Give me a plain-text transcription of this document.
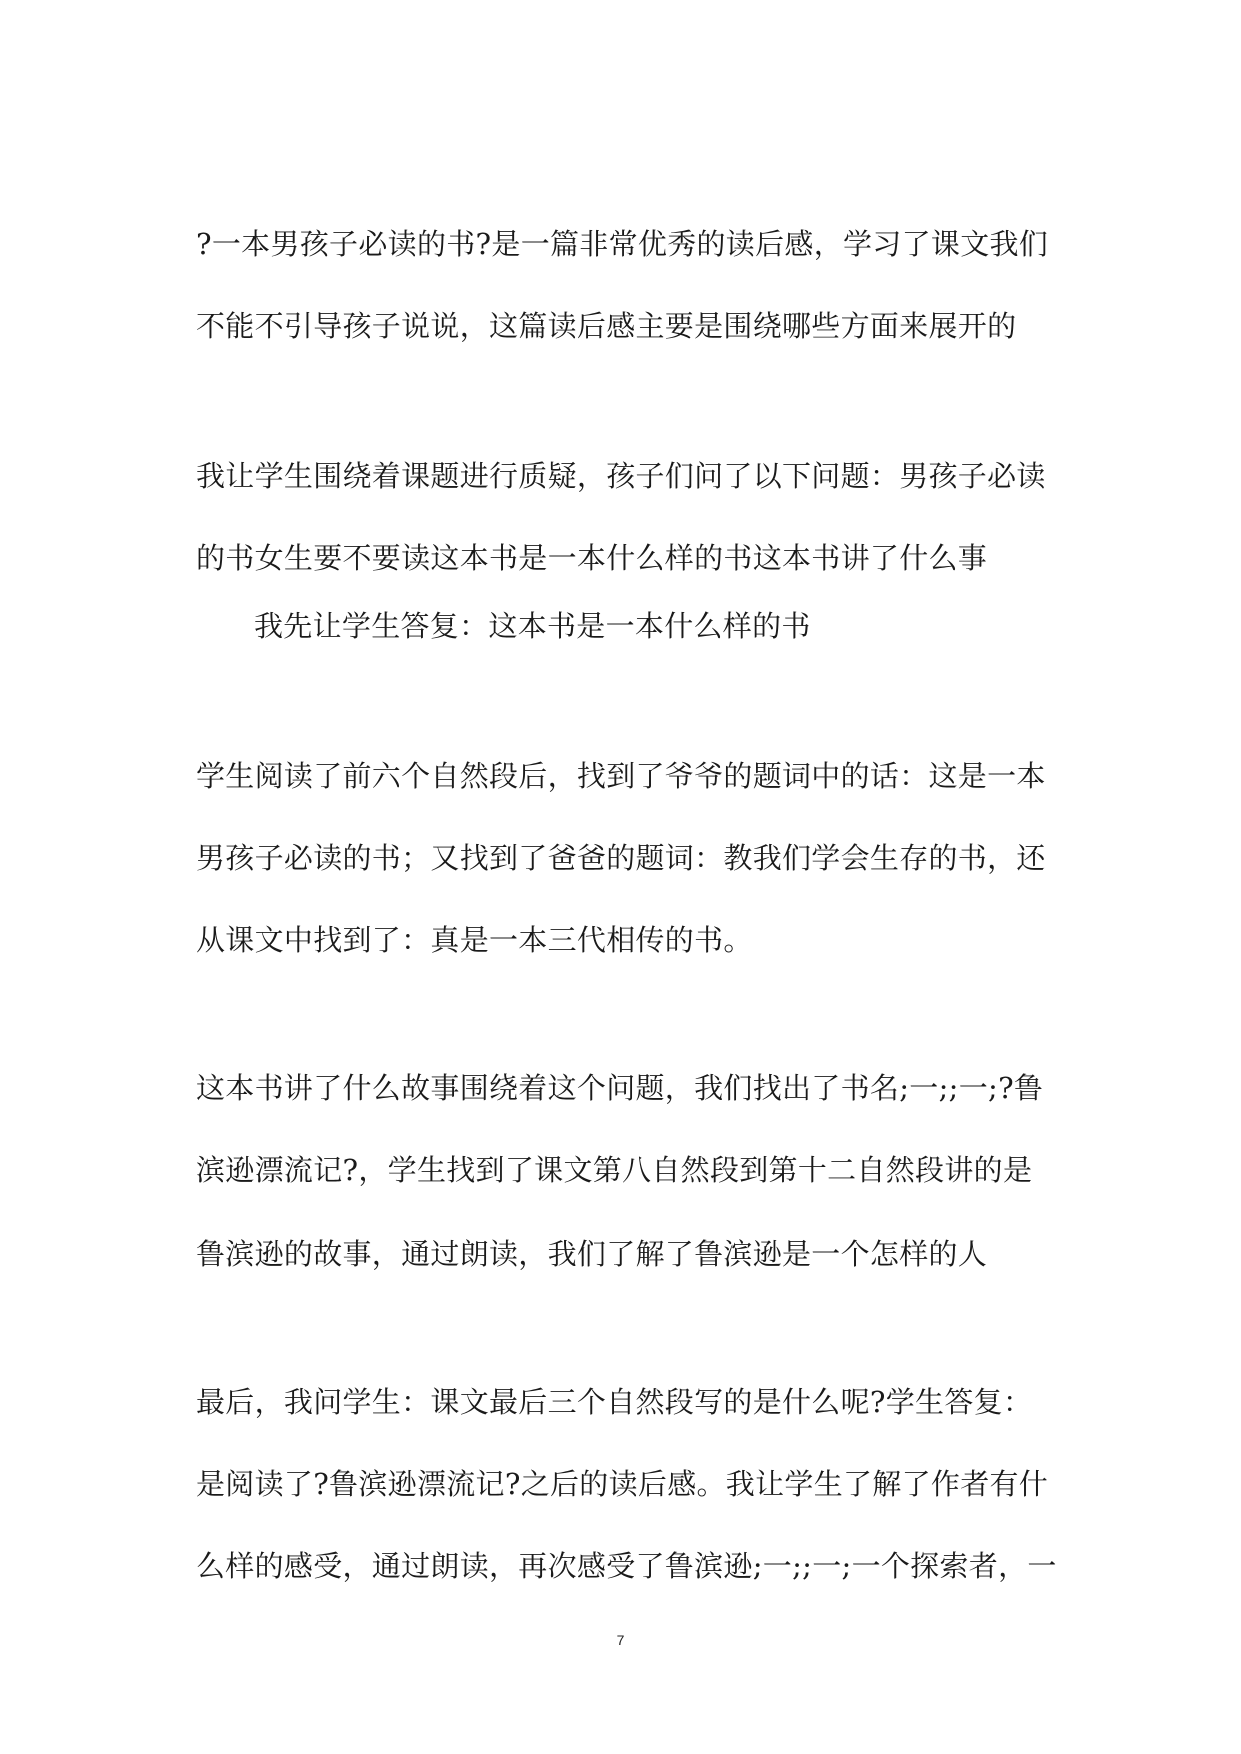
?一本男孩子必读的书?是一篇非常优秀的读后感，学习了课文我们
不能不引导孩子说说，这篇读后感主要是围绕哪些方面来展开的
我让学生围绕着课题进行质疑，孩子们问了以下问题：男孩子必读
的书女生要不要读这本书是一本什么样的书这本书讲了什么事
我先让学生答复：这本书是一本什么样的书
学生阅读了前六个自然段后，找到了爷爷的题词中的话：这是一本
男孩子必读的书；又找到了爸爸的题词：教我们学会生存的书，还
从课文中找到了：真是一本三代相传的书。
这本书讲了什么故事围绕着这个问题，我们找出了书名;一;;一;?鲁
滨逊漂流记?，学生找到了课文第八自然段到第十二自然段讲的是
鲁滨逊的故事，通过朗读，我们了解了鲁滨逊是一个怎样的人
最后，我问学生：课文最后三个自然段写的是什么呢?学生答复：
是阅读了?鲁滨逊漂流记?之后的读后感。我让学生了解了作者有什
么样的感受，通过朗读，再次感受了鲁滨逊;一;;一;一个探索者，一
7
